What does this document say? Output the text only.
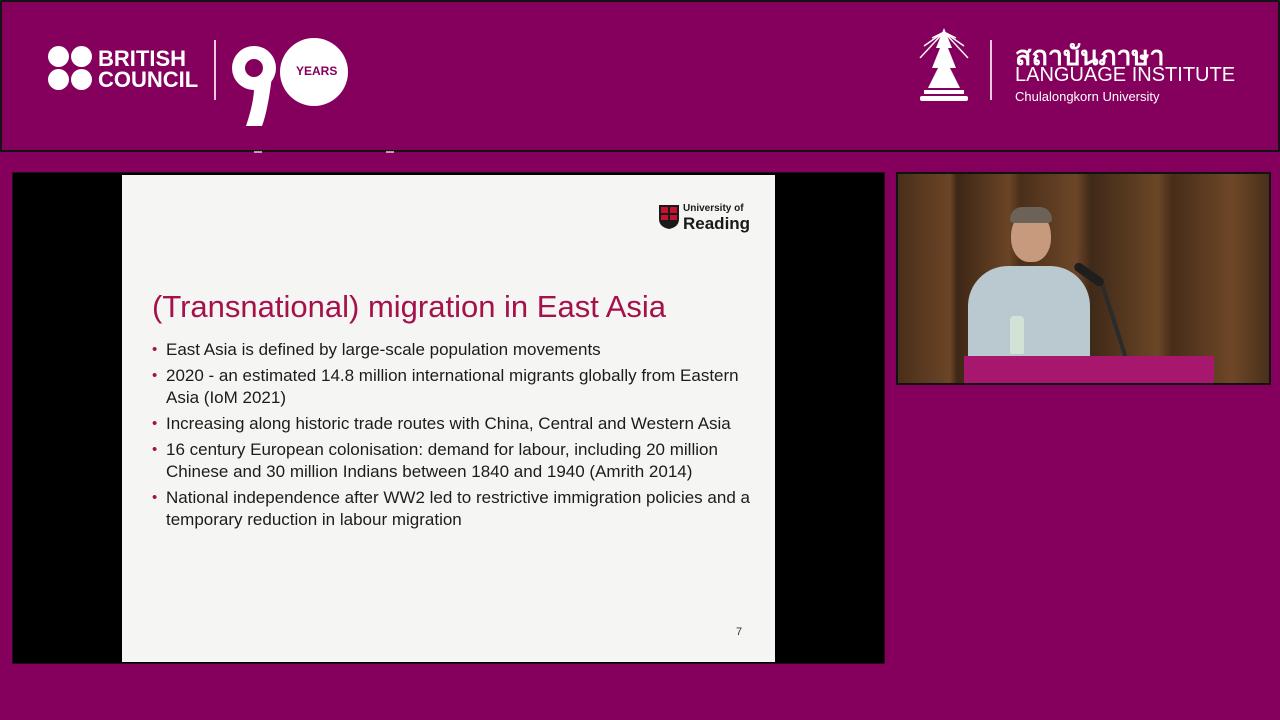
BRITISH
COUNCIL	YEARS	สถาบันภาษา
LANGUAGE INSTITUTE
Chulalongkorn University
University of
Reading
(Transnational) migration in East Asia
• East Asia is defined by large-scale population movements
• 2020 - an estimated 14.8 million international migrants globally from Eastern Asia (IoM 2021)
• Increasing along historic trade routes with China, Central and Western Asia
• 16 century European colonisation: demand for labour, including 20 million Chinese and 30 million Indians between 1840 and 1940 (Amrith 2014)
• National independence after WW2 led to restrictive immigration policies and a temporary reduction in labour migration
7
